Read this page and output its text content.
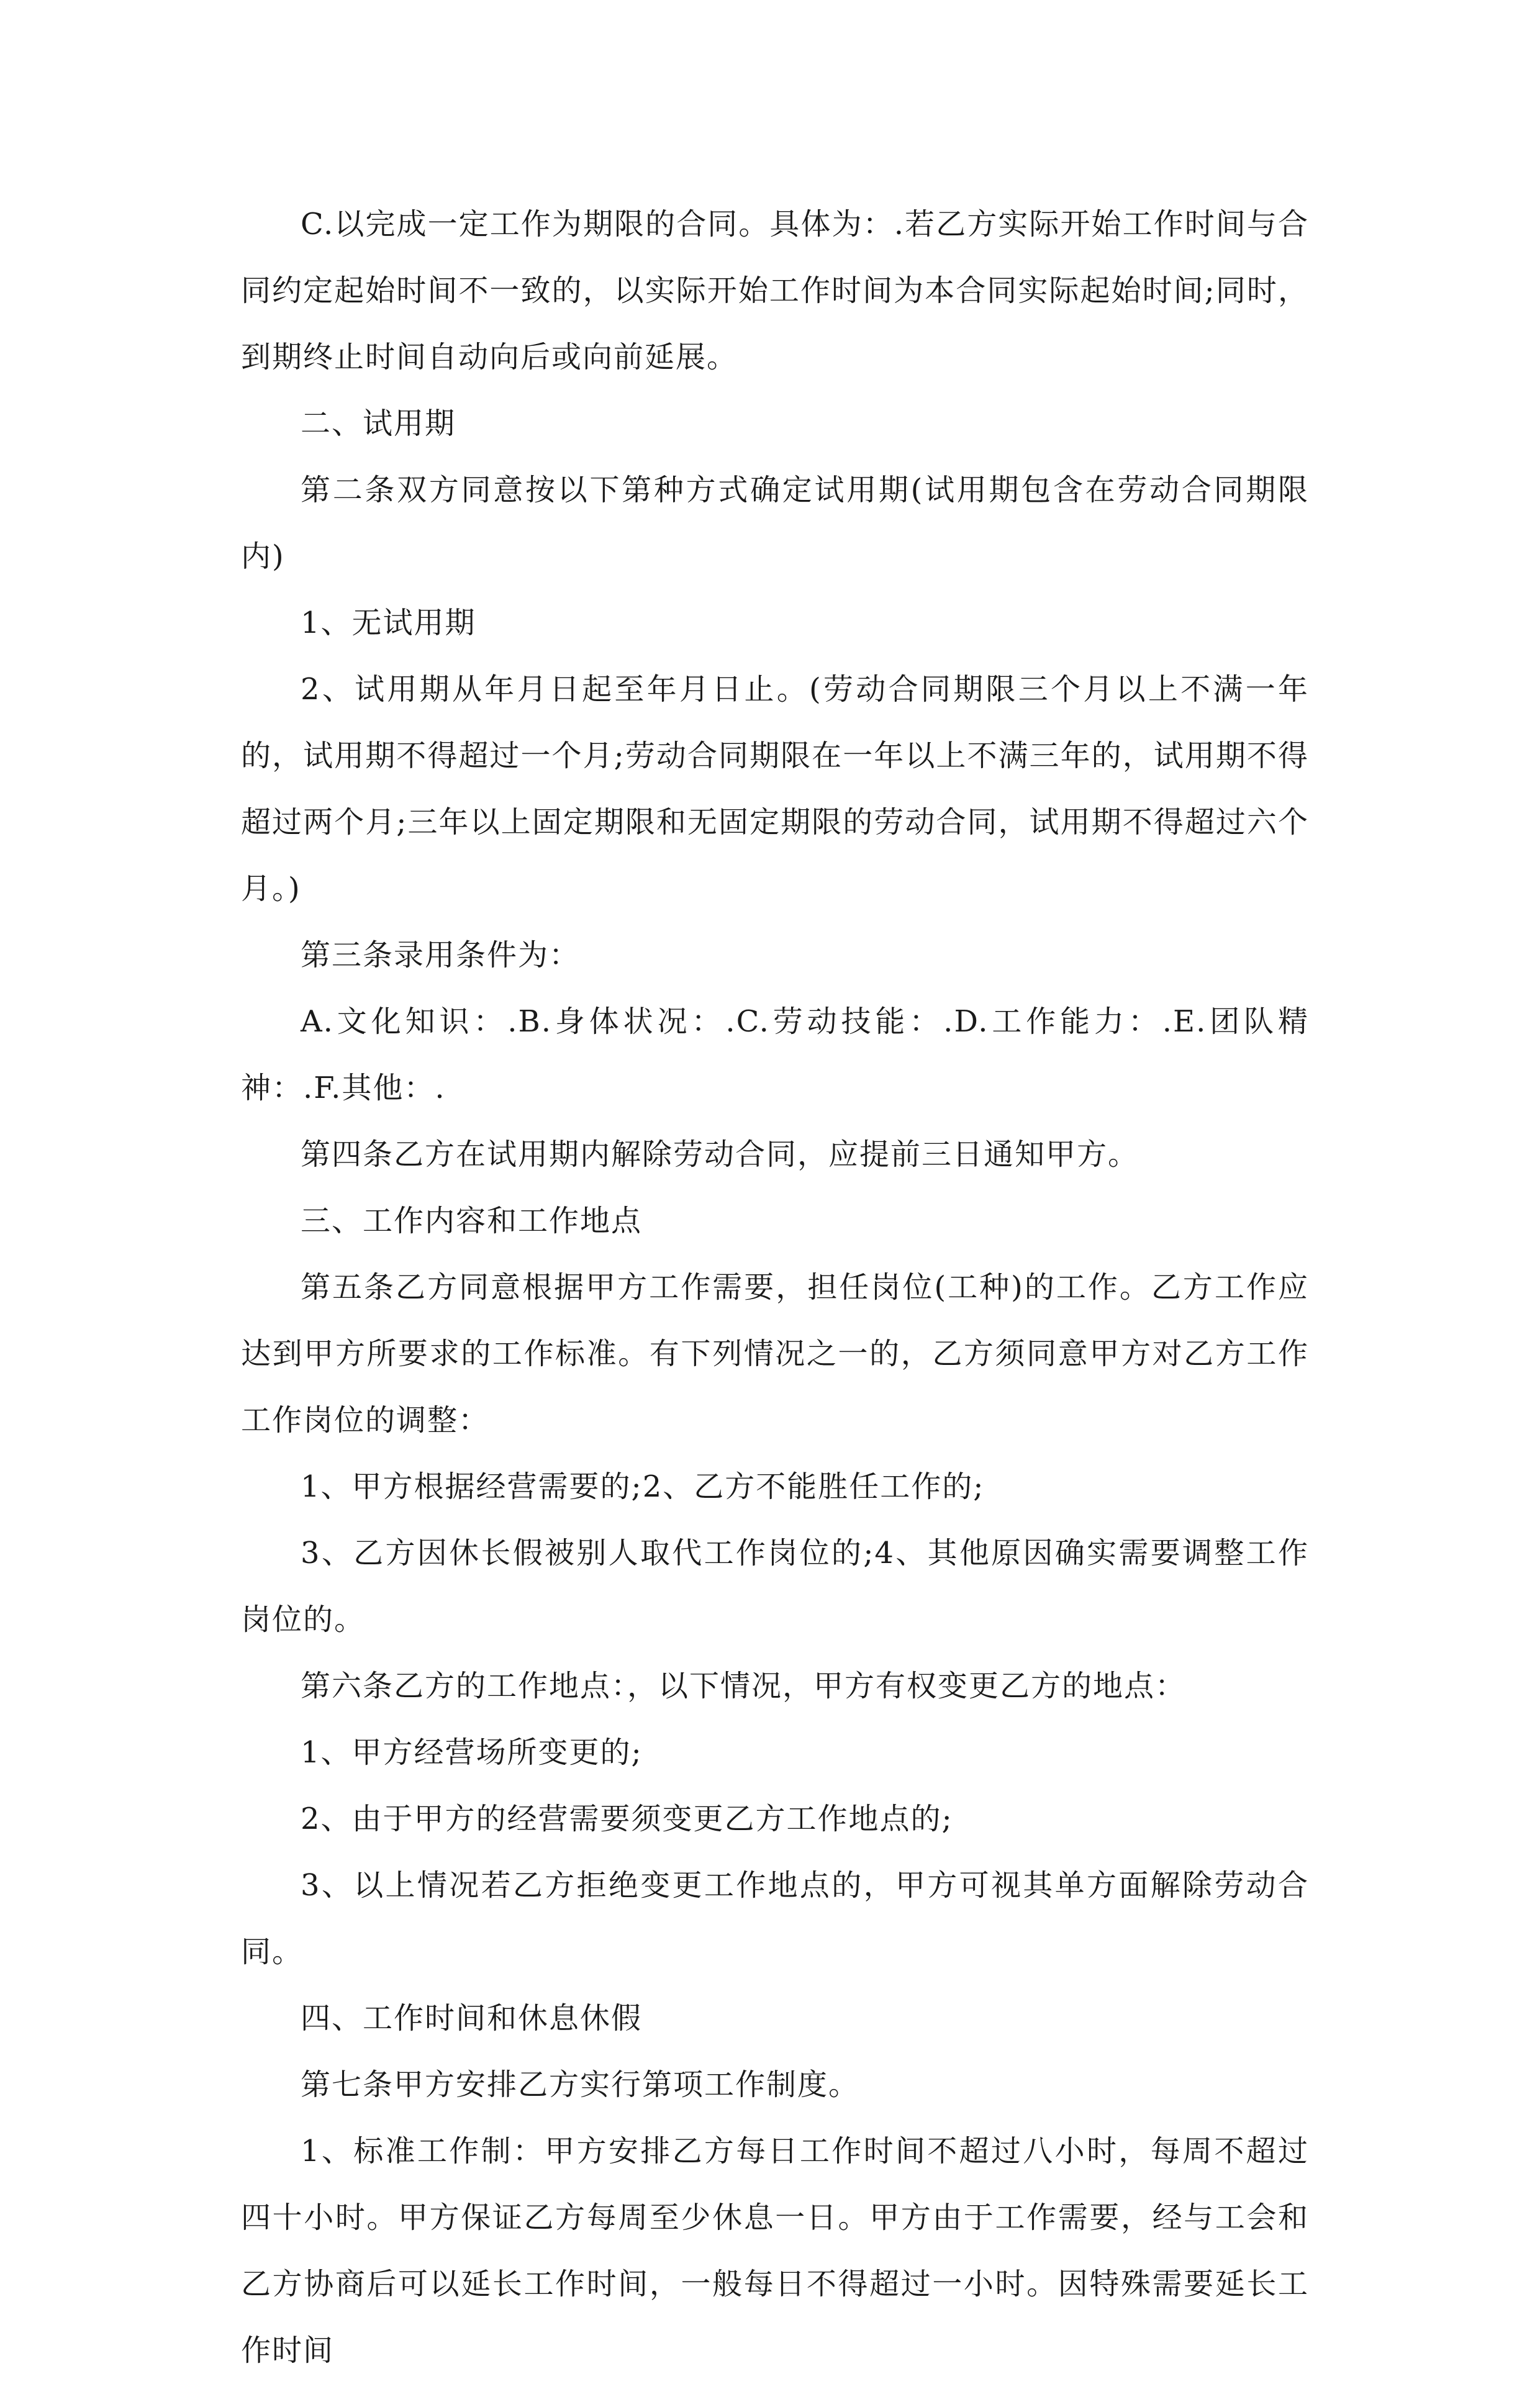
C.以完成一定工作为期限的合同。具体为：.若乙方实际开始工作时间与合同约定起始时间不一致的，以实际开始工作时间为本合同实际起始时间;同时，到期终止时间自动向后或向前延展。

二、试用期

第二条双方同意按以下第种方式确定试用期(试用期包含在劳动合同期限内)

1、无试用期

2、试用期从年月日起至年月日止。(劳动合同期限三个月以上不满一年的，试用期不得超过一个月;劳动合同期限在一年以上不满三年的，试用期不得超过两个月;三年以上固定期限和无固定期限的劳动合同，试用期不得超过六个月。)

第三条录用条件为：

A.文化知识：.B.身体状况：.C.劳动技能：.D.工作能力：.E.团队精神：.F.其他：.

第四条乙方在试用期内解除劳动合同，应提前三日通知甲方。

三、工作内容和工作地点

第五条乙方同意根据甲方工作需要，担任岗位(工种)的工作。乙方工作应达到甲方所要求的工作标准。有下列情况之一的，乙方须同意甲方对乙方工作工作岗位的调整：

1、甲方根据经营需要的;2、乙方不能胜任工作的;

3、乙方因休长假被别人取代工作岗位的;4、其他原因确实需要调整工作岗位的。

第六条乙方的工作地点：，以下情况，甲方有权变更乙方的地点：

1、甲方经营场所变更的;

2、由于甲方的经营需要须变更乙方工作地点的;

3、以上情况若乙方拒绝变更工作地点的，甲方可视其单方面解除劳动合同。

四、工作时间和休息休假

第七条甲方安排乙方实行第项工作制度。

1、标准工作制：甲方安排乙方每日工作时间不超过八小时，每周不超过四十小时。甲方保证乙方每周至少休息一日。甲方由于工作需要，经与工会和乙方协商后可以延长工作时间，一般每日不得超过一小时。因特殊需要延长工作时间
